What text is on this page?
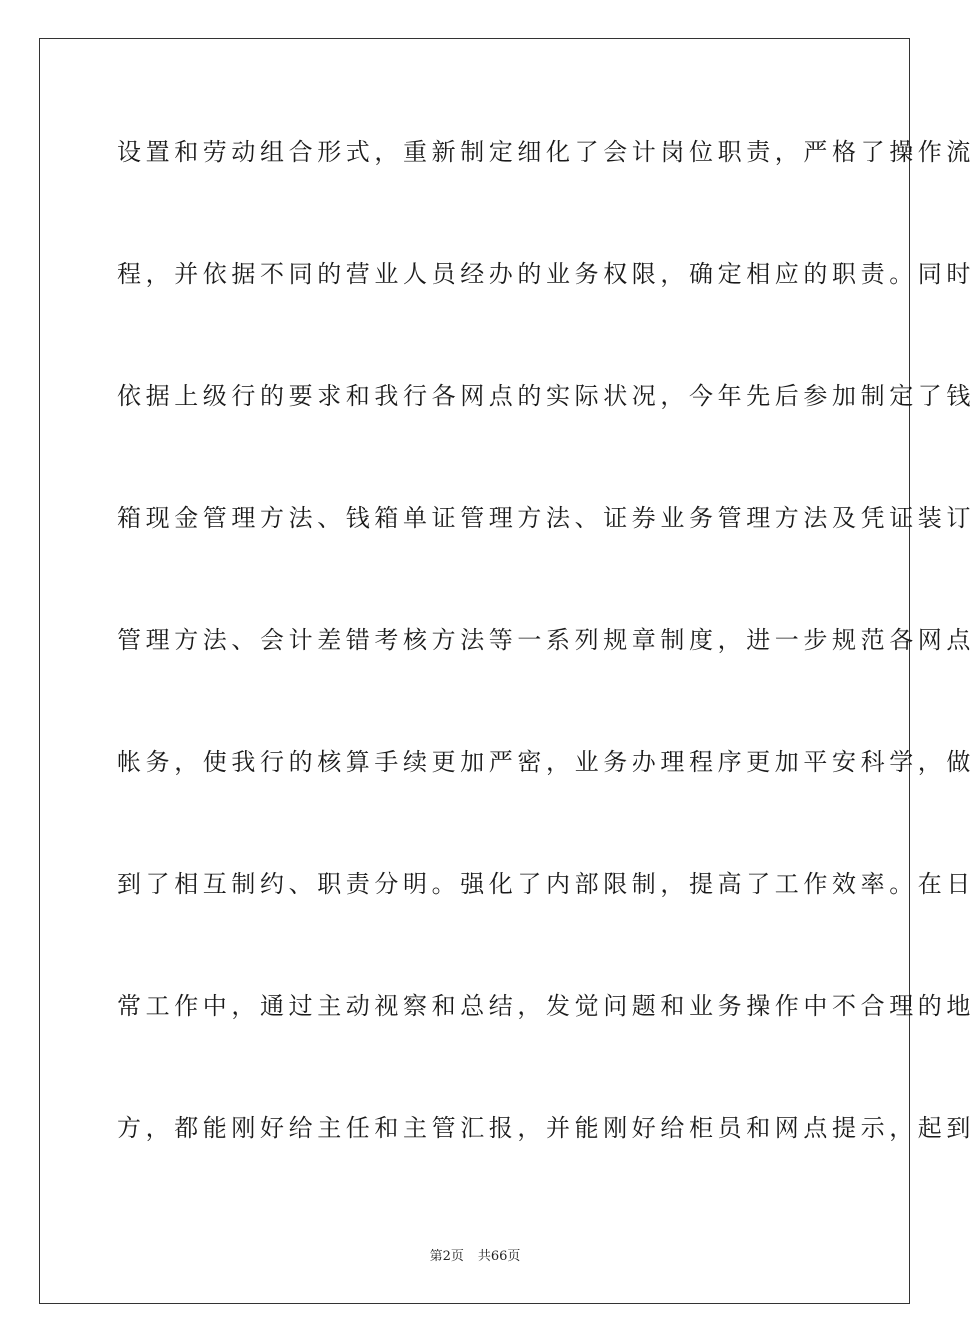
设置和劳动组合形式，重新制定细化了会计岗位职责，严格了操作流
程，并依据不同的营业人员经办的业务权限，确定相应的职责。同时
依据上级行的要求和我行各网点的实际状况，今年先后参加制定了钱
箱现金管理方法、钱箱单证管理方法、证券业务管理方法及凭证装订
管理方法、会计差错考核方法等一系列规章制度，进一步规范各网点
帐务，使我行的核算手续更加严密，业务办理程序更加平安科学，做
到了相互制约、职责分明。强化了内部限制，提高了工作效率。在日
常工作中，通过主动视察和总结，发觉问题和业务操作中不合理的地
方，都能刚好给主任和主管汇报，并能刚好给柜员和网点提示，起到
第2页 共66页
